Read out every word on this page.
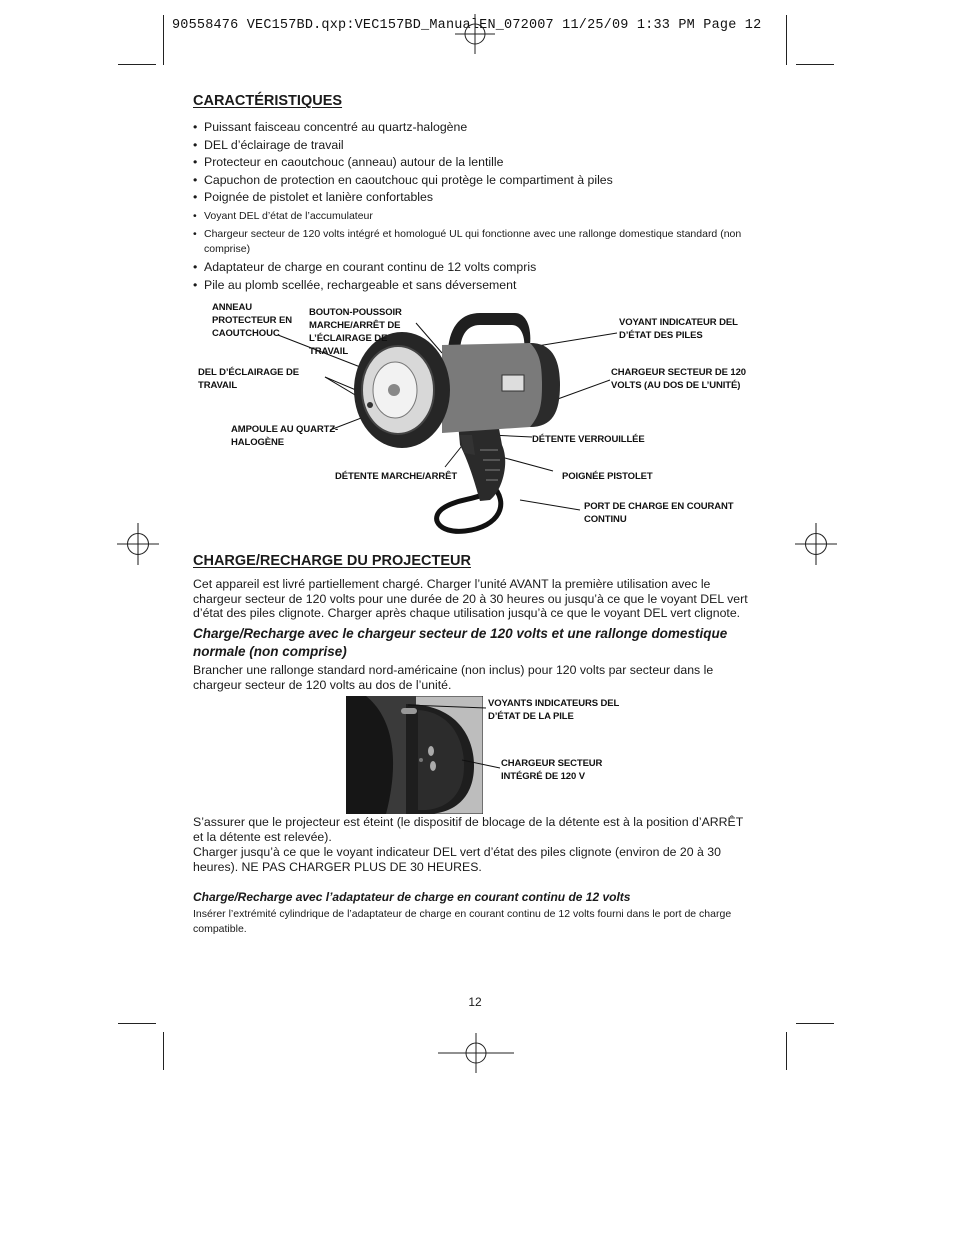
90558476 VEC157BD.qxp:VEC157BD_ManualEN_072007 11/25/09 1:33 PM Page 12
CARACTÉRISTIQUES
• Puissant faisceau concentré au quartz-halogène
• DEL d’éclairage de travail
• Protecteur en caoutchouc (anneau) autour de la lentille
• Capuchon de protection en caoutchouc qui protège le compartiment à piles
• Poignée de pistolet et lanière confortables
• Voyant DEL d’état de l’accumulateur
• Chargeur secteur de 120 volts intégré et homologué UL qui fonctionne avec une rallonge domestique standard (non comprise)
• Adaptateur de charge en courant continu de 12 volts compris
• Pile au plomb scellée, rechargeable et sans déversement
ANNEAU PROTECTEUR EN CAOUTCHOUC
BOUTON-POUSSOIR MARCHE/ARRÊT DE L’ÉCLAIRAGE DE TRAVAIL
VOYANT INDICATEUR DEL D’ÉTAT DES PILES
DEL D’ÉCLAIRAGE DE TRAVAIL
CHARGEUR SECTEUR DE 120 VOLTS (AU DOS DE L’UNITÉ)
AMPOULE AU QUARTZ-HALOGÈNE	DÉTENTE VERROUILLÉE
DÉTENTE MARCHE/ARRÊT	POIGNÉE PISTOLET
PORT DE CHARGE EN COURANT CONTINU
CHARGE/RECHARGE DU PROJECTEUR

Cet appareil est livré partiellement chargé. Charger l’unité AVANT la première utilisation avec le chargeur secteur de 120 volts pour une durée de 20 à 30 heures ou jusqu’à ce que le voyant DEL vert d’état des piles clignote. Charger après chaque utilisation jusqu’à ce que le voyant DEL vert clignote.

Charge/Recharge avec le chargeur secteur de 120 volts et une rallonge domestique normale (non comprise)

Brancher une rallonge standard nord-américaine (non inclus) pour 120 volts par secteur dans le chargeur secteur de 120 volts au dos de l’unité.

VOYANTS INDICATEURS DEL D’ÉTAT DE LA PILE
CHARGEUR SECTEUR INTÉGRÉ DE 120 V

S’assurer que le projecteur est éteint (le dispositif de blocage de la détente est à la position d’ARRÊT et la détente est relevée).

Charger jusqu’à ce que le voyant indicateur DEL vert d’état des piles clignote (environ de 20 à 30 heures). NE PAS CHARGER PLUS DE 30 HEURES.

Charge/Recharge avec l’adaptateur de charge en courant continu de 12 volts

Insérer l’extrémité cylindrique de l’adaptateur de charge en courant continu de 12 volts fourni dans le port de charge compatible.

12
